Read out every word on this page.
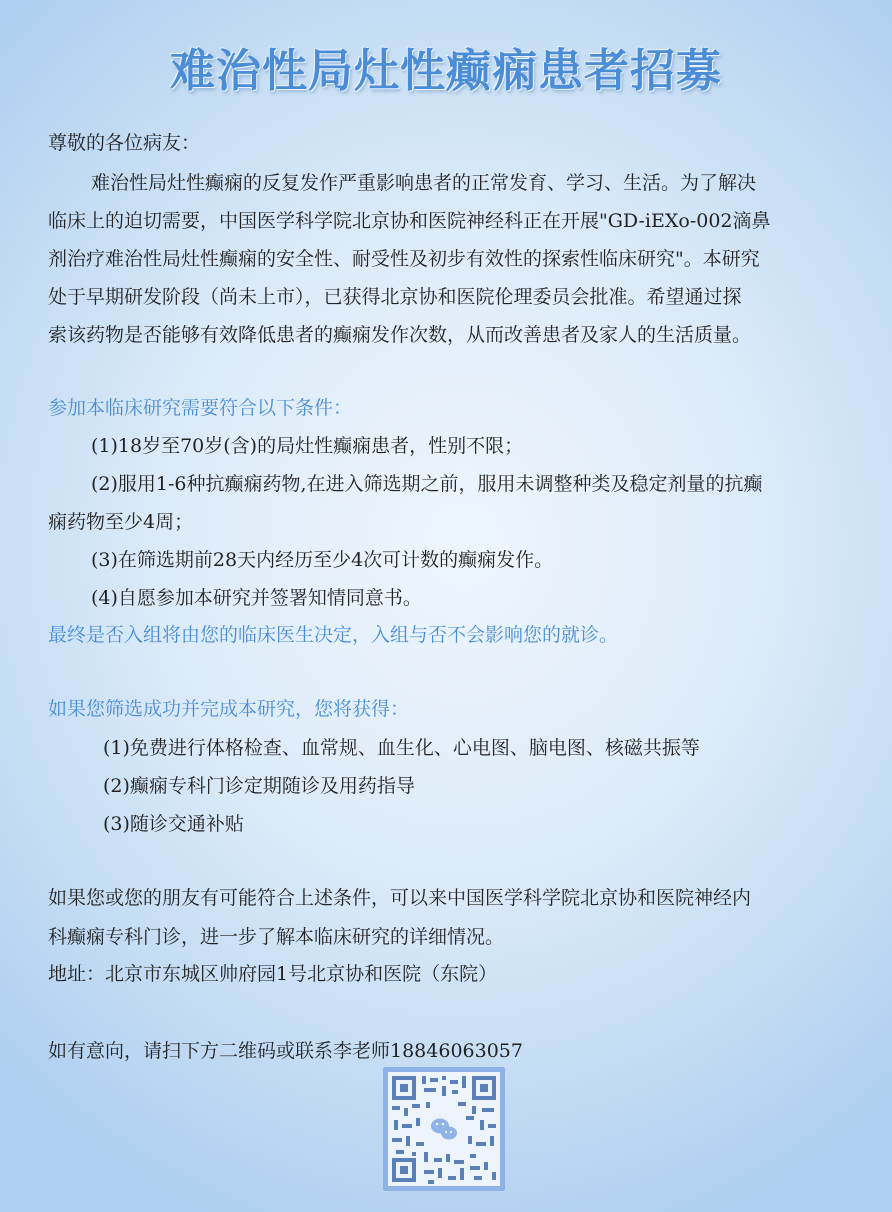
难治性局灶性癫痫患者招募
尊敬的各位病友：
难治性局灶性癫痫的反复发作严重影响患者的正常发育、学习、生活。为了解决
临床上的迫切需要，中国医学科学院北京协和医院神经科正在开展"GD-iEXo-002滴鼻
剂治疗难治性局灶性癫痫的安全性、耐受性及初步有效性的探索性临床研究"。本研究
处于早期研发阶段（尚未上市），已获得北京协和医院伦理委员会批准。希望通过探
索该药物是否能够有效降低患者的癫痫发作次数，从而改善患者及家人的生活质量。
参加本临床研究需要符合以下条件：
(1)18岁至70岁(含)的局灶性癫痫患者，性别不限；
(2)服用1-6种抗癫痫药物,在进入筛选期之前，服用未调整种类及稳定剂量的抗癫
痫药物至少4周；
(3)在筛选期前28天内经历至少4次可计数的癫痫发作。
(4)自愿参加本研究并签署知情同意书。
最终是否入组将由您的临床医生决定，入组与否不会影响您的就诊。
如果您筛选成功并完成本研究，您将获得：
(1)免费进行体格检查、血常规、血生化、心电图、脑电图、核磁共振等
(2)癫痫专科门诊定期随诊及用药指导
(3)随诊交通补贴
如果您或您的朋友有可能符合上述条件，可以来中国医学科学院北京协和医院神经内
科癫痫专科门诊，进一步了解本临床研究的详细情况。
地址：北京市东城区帅府园1号北京协和医院（东院）
如有意向，请扫下方二维码或联系李老师18846063057
